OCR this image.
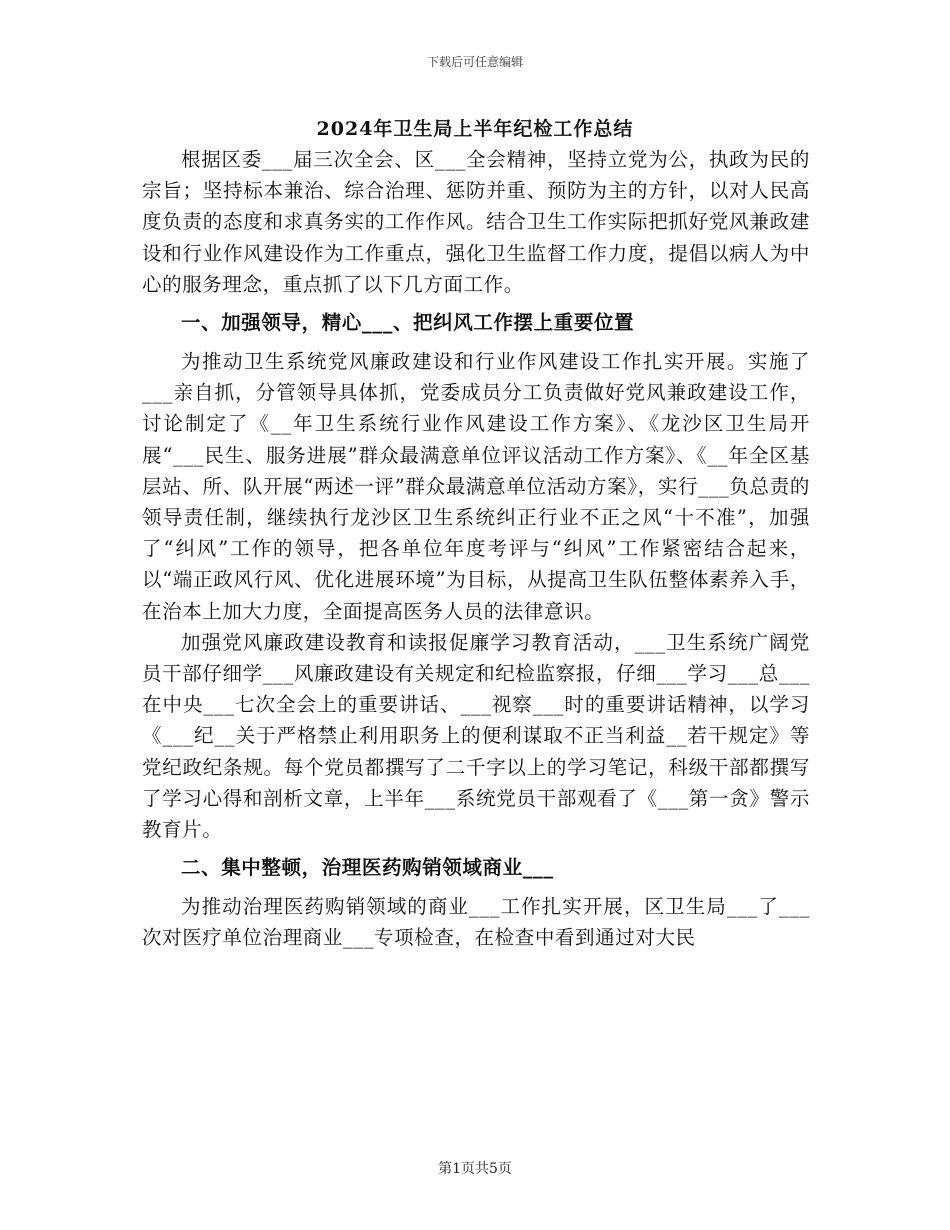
下载后可任意编辑
2024年卫生局上半年纪检工作总结

根据区委___届三次全会、区___全会精神，坚持立党为公，执政为民的宗旨；坚持标本兼治、综合治理、惩防并重、预防为主的方针，以对人民高度负责的态度和求真务实的工作作风。结合卫生工作实际把抓好党风兼政建设和行业作风建设作为工作重点，强化卫生监督工作力度，提倡以病人为中心的服务理念，重点抓了以下几方面工作。

一、加强领导，精心___、把纠风工作摆上重要位置

为推动卫生系统党风廉政建设和行业作风建设工作扎实开展。实施了___亲自抓，分管领导具体抓，党委成员分工负责做好党风兼政建设工作，讨论制定了《__年卫生系统行业作风建设工作方案》、《龙沙区卫生局开展“___民生、服务进展”群众最满意单位评议活动工作方案》、《__年全区基层站、所、队开展“两述一评”群众最满意单位活动方案》，实行___负总责的领导责任制，继续执行龙沙区卫生系统纠正行业不正之风“十不准”，加强了“纠风”工作的领导，把各单位年度考评与“纠风”工作紧密结合起来，以“端正政风行风、优化进展环境”为目标，从提高卫生队伍整体素养入手，在治本上加大力度，全面提高医务人员的法律意识。

加强党风廉政建设教育和读报促廉学习教育活动，___卫生系统广阔党员干部仔细学___风廉政建设有关规定和纪检监察报，仔细___学习___总___在中央___七次全会上的重要讲话、___视察___时的重要讲话精神，以学习《___纪__关于严格禁止利用职务上的便利谋取不正当利益__若干规定》等党纪政纪条规。每个党员都撰写了二千字以上的学习笔记，科级干部都撰写了学习心得和剖析文章，上半年___系统党员干部观看了《___第一贪》警示教育片。

二、集中整顿，治理医药购销领域商业___

为推动治理医药购销领域的商业___工作扎实开展，区卫生局___了___次对医疗单位治理商业___专项检查，在检查中看到通过对大民

第1页共5页
